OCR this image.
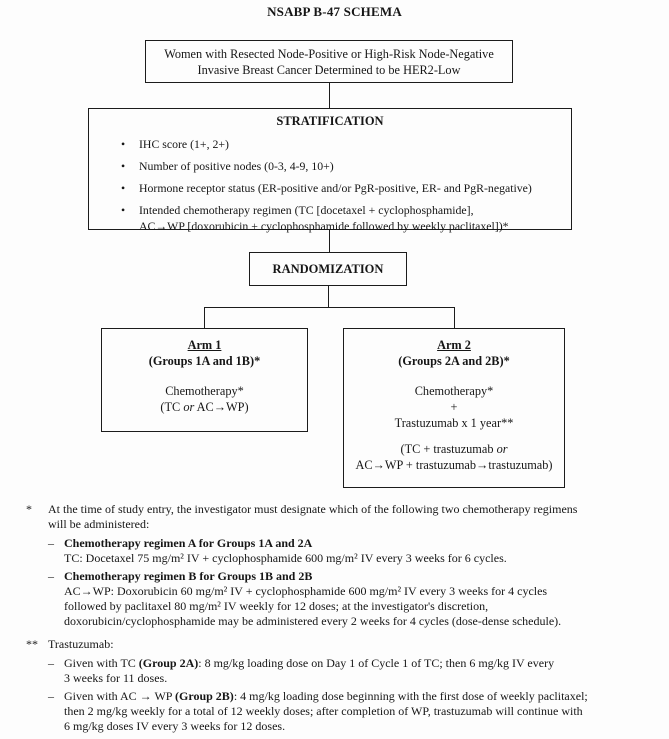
NSABP B-47 SCHEMA
Women with Resected Node-Positive or High-Risk Node-Negative
Invasive Breast Cancer Determined to be HER2-Low
STRATIFICATION
•	IHC score (1+, 2+)
•	Number of positive nodes (0-3, 4-9, 10+)
•	Hormone receptor status (ER-positive and/or PgR-positive, ER- and PgR-negative)
•	Intended chemotherapy regimen (TC [docetaxel + cyclophosphamide],
AC→WP [doxorubicin + cyclophosphamide followed by weekly paclitaxel])*
RANDOMIZATION
Arm 1
(Groups 1A and 1B)*
Chemotherapy*
(TC or AC→WP)
Arm 2
(Groups 2A and 2B)*
Chemotherapy*
+
Trastuzumab x 1 year**
(TC + trastuzumab or
AC→WP + trastuzumab→trastuzumab)
*	At the time of study entry, the investigator must designate which of the following two chemotherapy regimens
will be administered:
– Chemotherapy regimen A for Groups 1A and 2A
TC: Docetaxel 75 mg/m² IV + cyclophosphamide 600 mg/m² IV every 3 weeks for 6 cycles.
– Chemotherapy regimen B for Groups 1B and 2B
AC→WP: Doxorubicin 60 mg/m² IV + cyclophosphamide 600 mg/m² IV every 3 weeks for 4 cycles
followed by paclitaxel 80 mg/m² IV weekly for 12 doses; at the investigator's discretion,
doxorubicin/cyclophosphamide may be administered every 2 weeks for 4 cycles (dose-dense schedule).
** Trastuzumab:
– Given with TC (Group 2A): 8 mg/kg loading dose on Day 1 of Cycle 1 of TC; then 6 mg/kg IV every
3 weeks for 11 doses.
– Given with AC → WP (Group 2B): 4 mg/kg loading dose beginning with the first dose of weekly paclitaxel;
then 2 mg/kg weekly for a total of 12 weekly doses; after completion of WP, trastuzumab will continue with
6 mg/kg doses IV every 3 weeks for 12 doses.
